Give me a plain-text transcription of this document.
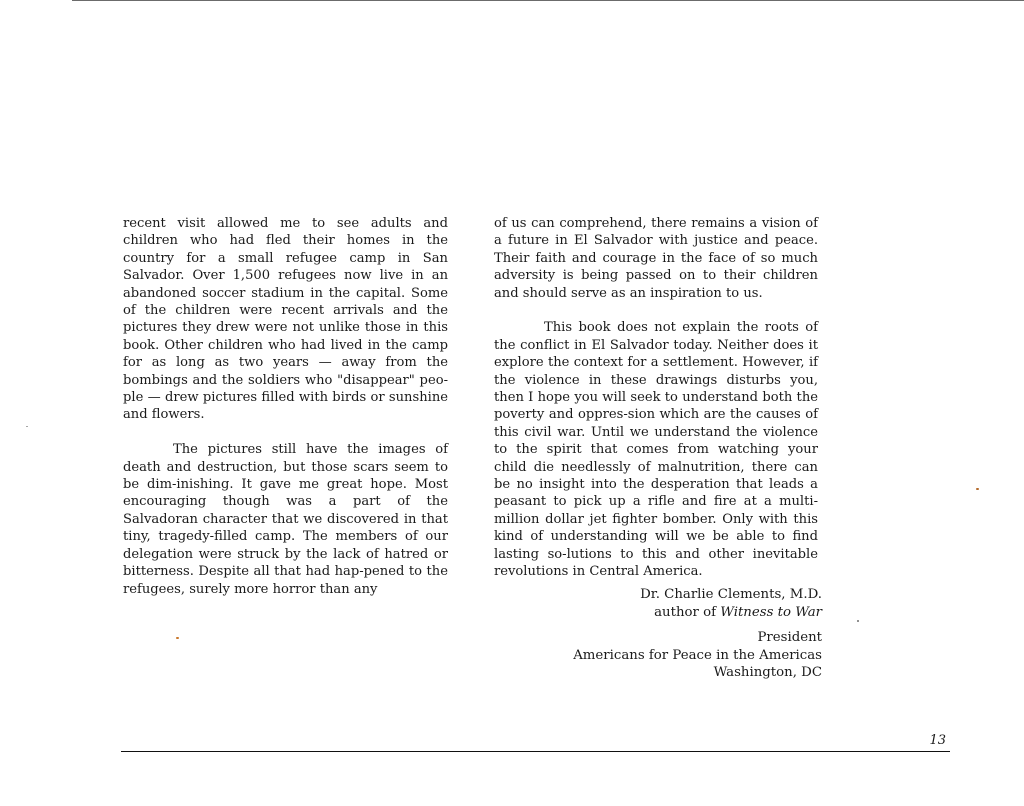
recent visit allowed me to see adults and children who had fled their homes in the country for a small refugee camp in San Salvador. Over 1,500 refugees now live in an abandoned soccer stadium in the capital. Some of the children were recent arrivals and the pictures they drew were not unlike those in this book. Other children who had lived in the camp for as long as two years — away from the bombings and the soldiers who "disappear" peo-ple — drew pictures filled with birds or sunshine and flowers.

The pictures still have the images of death and destruction, but those scars seem to be dim-inishing. It gave me great hope. Most encouraging though was a part of the Salvadoran character that we discovered in that tiny, tragedy-filled camp. The members of our delegation were struck by the lack of hatred or bitterness. Despite all that had hap-pened to the refugees, surely more horror than any

of us can comprehend, there remains a vision of a future in El Salvador with justice and peace. Their faith and courage in the face of so much adversity is being passed on to their children and should serve as an inspiration to us.

This book does not explain the roots of the conflict in El Salvador today. Neither does it explore the context for a settlement. However, if the violence in these drawings disturbs you, then I hope you will seek to understand both the poverty and oppres-sion which are the causes of this civil war. Until we understand the violence to the spirit that comes from watching your child die needlessly of malnutrition, there can be no insight into the desperation that leads a peasant to pick up a rifle and fire at a multi-million dollar jet fighter bomber. Only with this kind of understanding will we be able to find lasting so-lutions to this and other inevitable revolutions in Central America.

Dr. Charlie Clements, M.D.
author of Witness to War
President
Americans for Peace in the Americas
Washington, DC
13
